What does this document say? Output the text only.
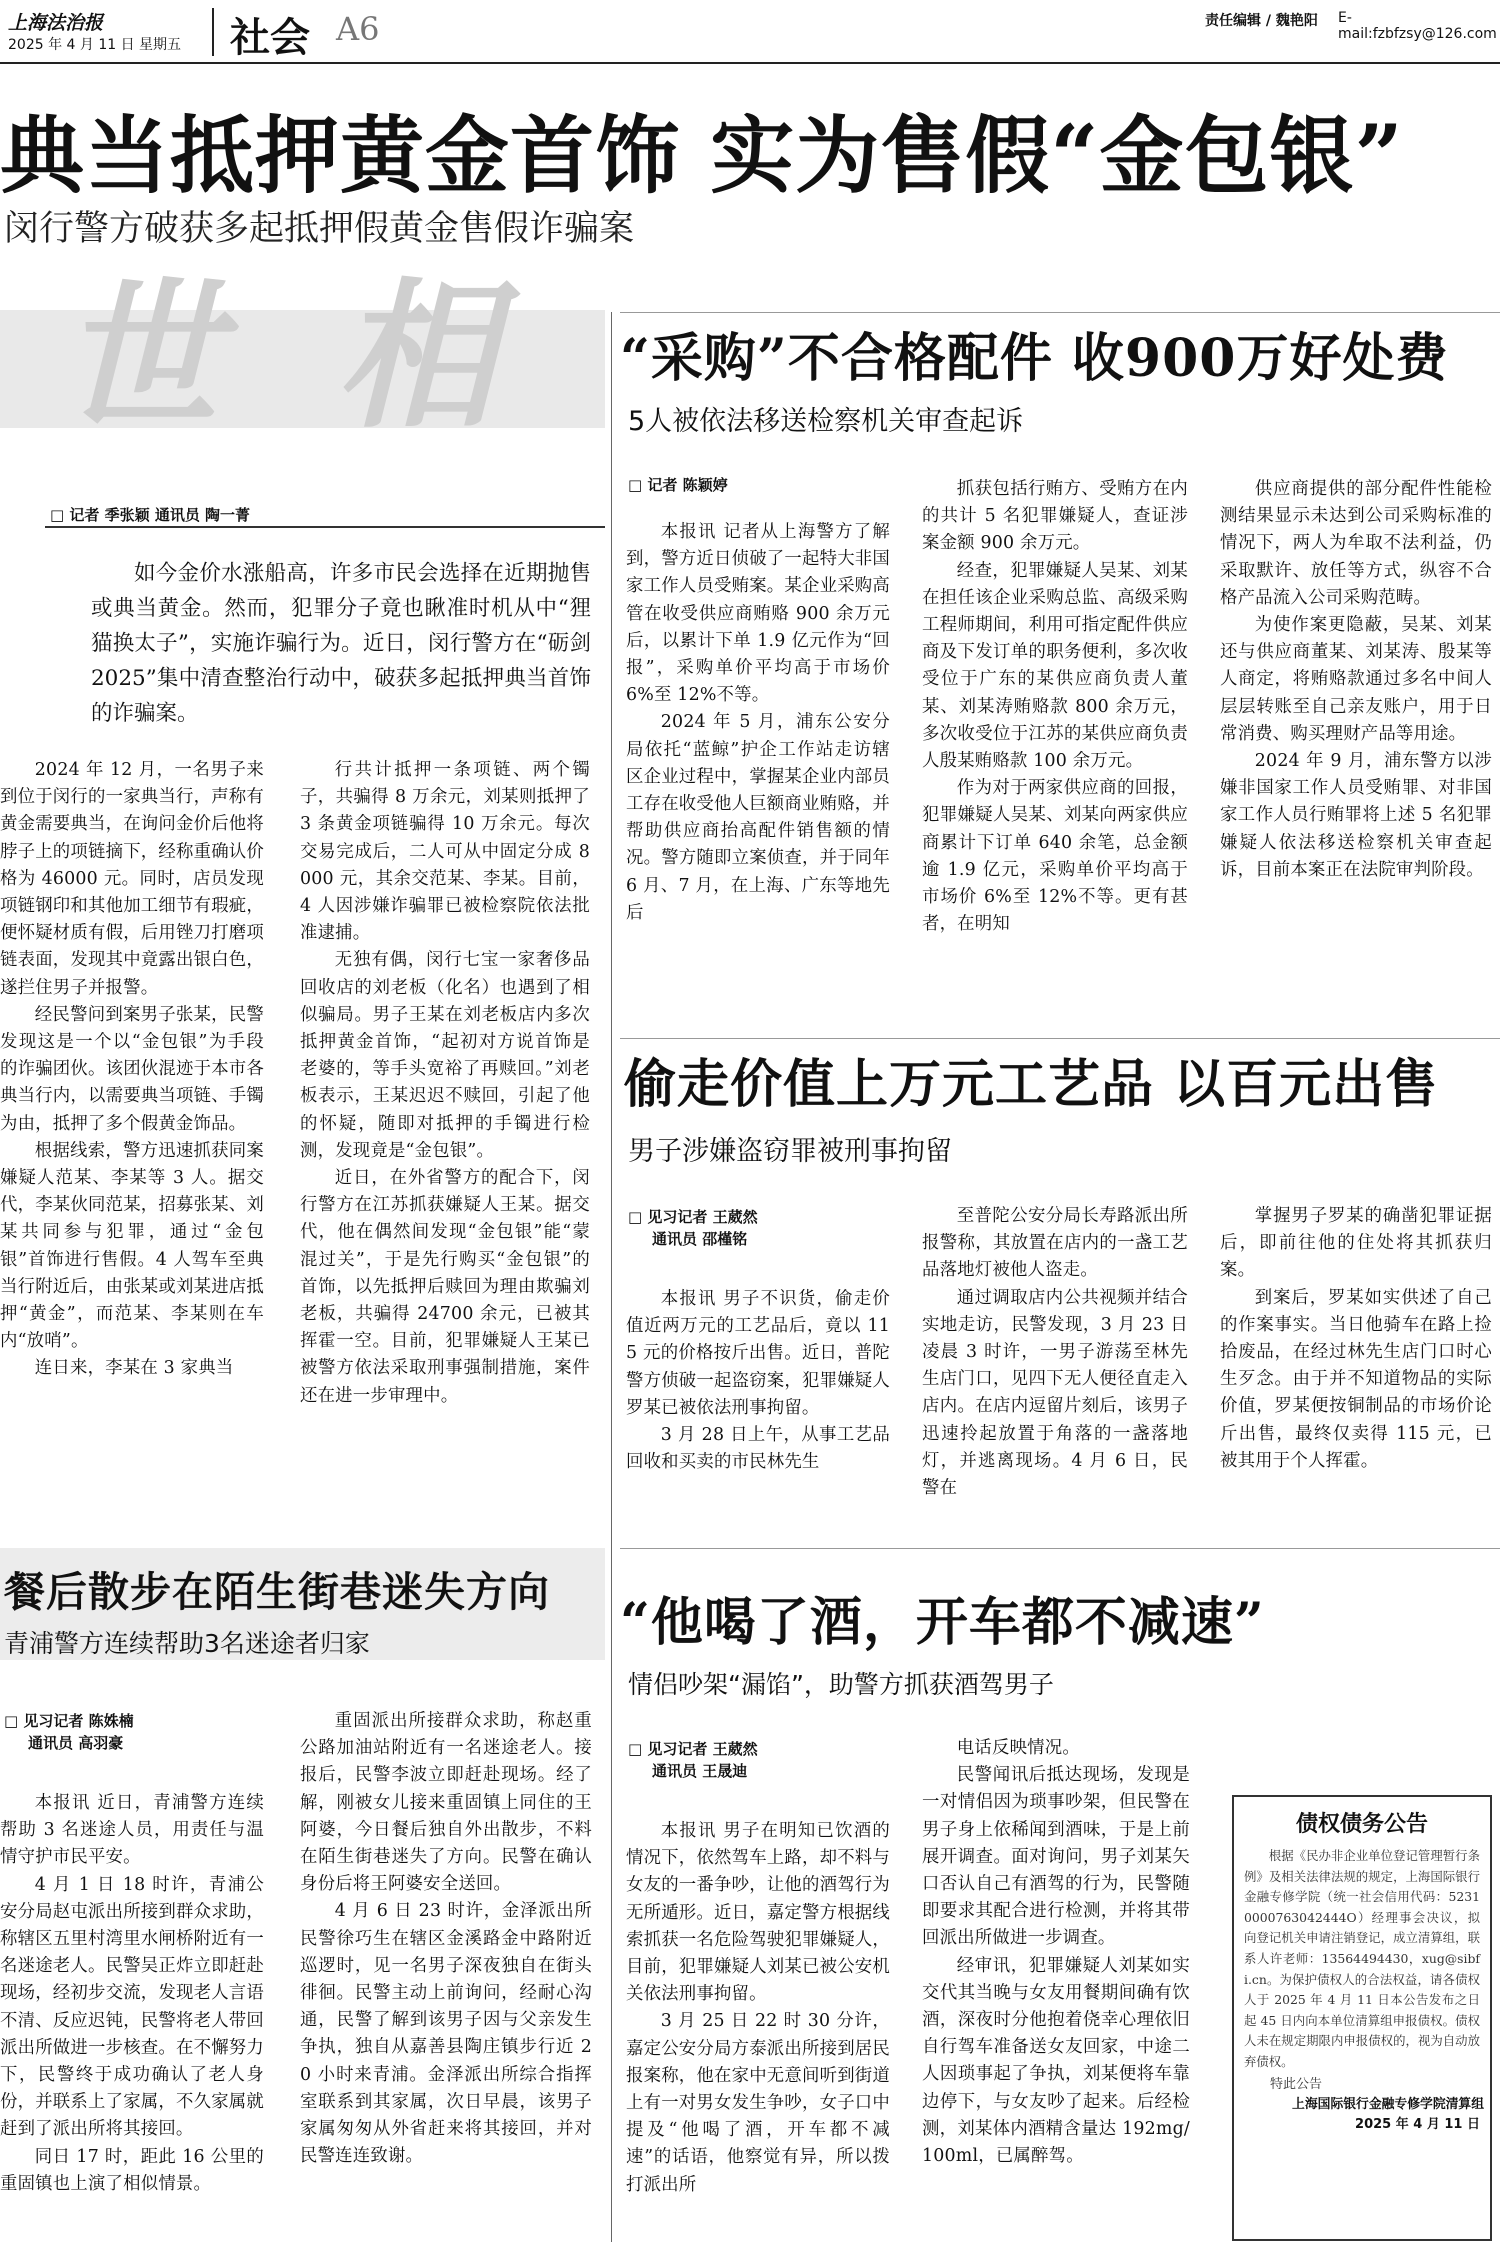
上海法治报
2025 年 4 月 11 日 星期五 社会 A6	责任编辑 / 魏艳阳 E-mail:fzbfzsy@126.com
典当抵押黄金首饰 实为售假“金包银”
闵行警方破获多起抵押假黄金售假诈骗案
世 相
□ 记者 季张颖 通讯员 陶一菁
如今金价水涨船高，许多市民会选择在近期抛售或典当黄金。然而，犯罪分子竟也瞅准时机从中“狸猫换太子”，实施诈骗行为。近日，闵行警方在“砺剑 2025”集中清查整治行动中，破获多起抵押典当首饰的诈骗案。

2024 年 12 月，一名男子来到位于闵行的一家典当行，声称有黄金需要典当，在询问金价后他将脖子上的项链摘下，经称重确认价格为 46000 元。同时，店员发现项链钢印和其他加工细节有瑕疵，便怀疑材质有假，后用锉刀打磨项链表面，发现其中竟露出银白色，遂拦住男子并报警。

经民警问到案男子张某，民警发现这是一个以“金包银”为手段的诈骗团伙。该团伙混迹于本市各典当行内，以需要典当项链、手镯为由，抵押了多个假黄金饰品。

根据线索，警方迅速抓获同案嫌疑人范某、李某等 3 人。据交代，李某伙同范某，招募张某、刘某共同参与犯罪，通过“金包银”首饰进行售假。4 人驾车至典当行附近后，由张某或刘某进店抵押“黄金”，而范某、李某则在车内“放哨”。

连日来，李某在 3 家典当

行共计抵押一条项链、两个镯子，共骗得 8 万余元，刘某则抵押了 3 条黄金项链骗得 10 万余元。每次交易完成后，二人可从中固定分成 8000 元，其余交范某、李某。目前，4 人因涉嫌诈骗罪已被检察院依法批准逮捕。

无独有偶，闵行七宝一家奢侈品回收店的刘老板（化名）也遇到了相似骗局。男子王某在刘老板店内多次抵押黄金首饰，“起初对方说首饰是老婆的，等手头宽裕了再赎回。”刘老板表示，王某迟迟不赎回，引起了他的怀疑，随即对抵押的手镯进行检测，发现竟是“金包银”。

近日，在外省警方的配合下，闵行警方在江苏抓获嫌疑人王某。据交代，他在偶然间发现“金包银”能“蒙混过关”，于是先行购买“金包银”的首饰，以先抵押后赎回为理由欺骗刘老板，共骗得 24700 余元，已被其挥霍一空。目前，犯罪嫌疑人王某已被警方依法采取刑事强制措施，案件还在进一步审理中。

“采购”不合格配件 收900万好处费
5人被依法移送检察机关审查起诉
□ 记者 陈颖婷

本报讯 记者从上海警方了解到，警方近日侦破了一起特大非国家工作人员受贿案。某企业采购高管在收受供应商贿赂 900 余万元后，以累计下单 1.9 亿元作为“回报”，采购单价平均高于市场价 6%至 12%不等。

2024 年 5 月，浦东公安分局依托“蓝鲸”护企工作站走访辖区企业过程中，掌握某企业内部员工存在收受他人巨额商业贿赂，并帮助供应商抬高配件销售额的情况。警方随即立案侦查，并于同年 6 月、7 月，在上海、广东等地先后

抓获包括行贿方、受贿方在内的共计 5 名犯罪嫌疑人，查证涉案金额 900 余万元。

经查，犯罪嫌疑人吴某、刘某在担任该企业采购总监、高级采购工程师期间，利用可指定配件供应商及下发订单的职务便利，多次收受位于广东的某供应商负责人董某、刘某涛贿赂款 800 余万元，多次收受位于江苏的某供应商负责人殷某贿赂款 100 余万元。

作为对于两家供应商的回报，犯罪嫌疑人吴某、刘某向两家供应商累计下订单 640 余笔，总金额逾 1.9 亿元，采购单价平均高于市场价 6%至 12%不等。更有甚者，在明知

供应商提供的部分配件性能检测结果显示未达到公司采购标准的情况下，两人为牟取不法利益，仍采取默许、放任等方式，纵容不合格产品流入公司采购范畴。

为使作案更隐蔽，吴某、刘某还与供应商董某、刘某涛、殷某等人商定，将贿赂款通过多名中间人层层转账至自己亲友账户，用于日常消费、购买理财产品等用途。

2024 年 9 月，浦东警方以涉嫌非国家工作人员受贿罪、对非国家工作人员行贿罪将上述 5 名犯罪嫌疑人依法移送检察机关审查起诉，目前本案正在法院审判阶段。

偷走价值上万元工艺品 以百元出售
男子涉嫌盗窃罪被刑事拘留
□ 见习记者 王葳然
通讯员 邵槿铭

本报讯 男子不识货，偷走价值近两万元的工艺品后，竟以 115 元的价格按斤出售。近日，普陀警方侦破一起盗窃案，犯罪嫌疑人罗某已被依法刑事拘留。

3 月 28 日上午，从事工艺品回收和买卖的市民林先生

至普陀公安分局长寿路派出所报警称，其放置在店内的一盏工艺品落地灯被他人盗走。

通过调取店内公共视频并结合实地走访，民警发现，3 月 23 日凌晨 3 时许，一男子游荡至林先生店门口，见四下无人便径直走入店内。在店内逗留片刻后，该男子迅速拎起放置于角落的一盏落地灯，并逃离现场。4 月 6 日，民警在

掌握男子罗某的确凿犯罪证据后，即前往他的住处将其抓获归案。

到案后，罗某如实供述了自己的作案事实。当日他骑车在路上捡拾废品，在经过林先生店门口时心生歹念。由于并不知道物品的实际价值，罗某便按铜制品的市场价论斤出售，最终仅卖得 115 元，已被其用于个人挥霍。

餐后散步在陌生街巷迷失方向
青浦警方连续帮助3名迷途者归家
□ 见习记者 陈姝楠
通讯员 高羽豪

本报讯 近日，青浦警方连续帮助 3 名迷途人员，用责任与温情守护市民平安。

4 月 1 日 18 时许，青浦公安分局赵屯派出所接到群众求助，称辖区五里村湾里水闸桥附近有一名迷途老人。民警吴正炸立即赶赴现场，经初步交流，发现老人言语不清、反应迟钝，民警将老人带回派出所做进一步核查。在不懈努力下，民警终于成功确认了老人身份，并联系上了家属，不久家属就赶到了派出所将其接回。

同日 17 时，距此 16 公里的重固镇也上演了相似情景。

重固派出所接群众求助，称赵重公路加油站附近有一名迷途老人。接报后，民警李波立即赶赴现场。经了解，刚被女儿接来重固镇上同住的王阿婆，今日餐后独自外出散步，不料在陌生街巷迷失了方向。民警在确认身份后将王阿婆安全送回。

4 月 6 日 23 时许，金泽派出所民警徐巧生在辖区金溪路金中路附近巡逻时，见一名男子深夜独自在街头徘徊。民警主动上前询问，经耐心沟通，民警了解到该男子因与父亲发生争执，独自从嘉善县陶庄镇步行近 20 小时来青浦。金泽派出所综合指挥室联系到其家属，次日早晨，该男子家属匆匆从外省赶来将其接回，并对民警连连致谢。

“他喝了酒，开车都不减速”
情侣吵架“漏馅”，助警方抓获酒驾男子
□ 见习记者 王葳然
通讯员 王晟迪

本报讯 男子在明知已饮酒的情况下，依然驾车上路，却不料与女友的一番争吵，让他的酒驾行为无所遁形。近日，嘉定警方根据线索抓获一名危险驾驶犯罪嫌疑人，目前，犯罪嫌疑人刘某已被公安机关依法刑事拘留。

3 月 25 日 22 时 30 分许，嘉定公安分局方泰派出所接到居民报案称，他在家中无意间听到街道上有一对男女发生争吵，女子口中提及“他喝了酒，开车都不减速”的话语，他察觉有异，所以拨打派出所

电话反映情况。

民警闻讯后抵达现场，发现是一对情侣因为琐事吵架，但民警在男子身上依稀闻到酒味，于是上前展开调查。面对询问，男子刘某矢口否认自己有酒驾的行为，民警随即要求其配合进行检测，并将其带回派出所做进一步调查。

经审讯，犯罪嫌疑人刘某如实交代其当晚与女友用餐期间确有饮酒，深夜时分他抱着侥幸心理依旧自行驾车准备送女友回家，中途二人因琐事起了争执，刘某便将车靠边停下，与女友吵了起来。后经检测，刘某体内酒精含量达 192mg/100ml，已属醉驾。

债权债务公告
根据《民办非企业单位登记管理暂行条例》及相关法律法规的规定，上海国际银行金融专修学院（统一社会信用代码：52310000763042444O）经理事会决议，拟向登记机关申请注销登记，成立清算组，联系人许老师：13564494430，xug@sibfi.cn。为保护债权人的合法权益，请各债权人于 2025 年 4 月 11 日本公告发布之日起 45 日内向本单位清算组申报债权。债权人未在规定期限内申报债权的，视为自动放弃债权。
特此公告
上海国际银行金融专修学院清算组
2025 年 4 月 11 日
